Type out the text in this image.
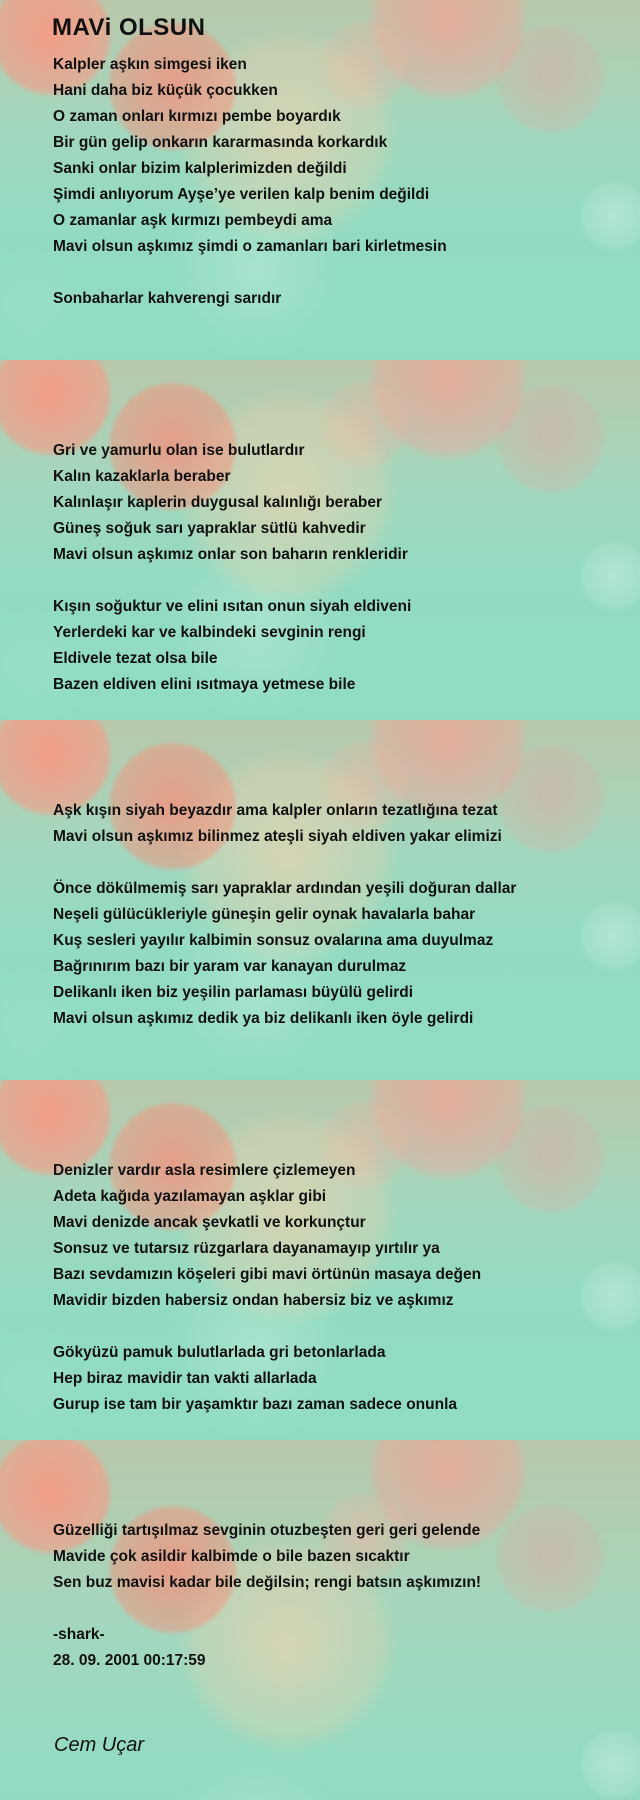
MAVi OLSUN
Kalpler aşkın simgesi iken
Hani daha biz küçük çocukken
O zaman onları kırmızı pembe boyardık
Bir gün gelip onkarın kararmasında korkardık
Sanki onlar bizim kalplerimizden değildi
Şimdi anlıyorum Ayşe’ye verilen kalp benim değildi
O zamanlar aşk kırmızı pembeydi ama
Mavi olsun aşkımız şimdi o zamanları bari kirletmesin
Sonbaharlar kahverengi sarıdır
Gri ve yamurlu olan ise bulutlardır
Kalın kazaklarla beraber
Kalınlaşır kaplerin duygusal kalınlığı beraber
Güneş soğuk sarı yapraklar sütlü kahvedir
Mavi olsun aşkımız onlar son baharın renkleridir
Kışın soğuktur ve elini ısıtan onun siyah eldiveni
Yerlerdeki kar ve kalbindeki sevginin rengi
Eldivele tezat olsa bile
Bazen eldiven elini ısıtmaya yetmese bile
Aşk kışın siyah beyazdır ama kalpler onların tezatlığına tezat
Mavi olsun aşkımız bilinmez ateşli siyah eldiven yakar elimizi
Önce dökülmemiş sarı yapraklar ardından yeşili doğuran dallar
Neşeli gülücükleriyle güneşin gelir oynak havalarla bahar
Kuş sesleri yayılır kalbimin sonsuz ovalarına ama duyulmaz
Bağrınırım bazı bir yaram var kanayan durulmaz
Delikanlı iken biz yeşilin parlaması büyülü gelirdi
Mavi olsun aşkımız dedik ya biz delikanlı iken öyle gelirdi
Denizler vardır asla resimlere çizlemeyen
Adeta kağıda yazılamayan aşklar gibi
Mavi denizde ancak şevkatli ve korkunçtur
Sonsuz ve tutarsız rüzgarlara dayanamayıp yırtılır ya
Bazı sevdamızın köşeleri gibi mavi örtünün masaya değen
Mavidir bizden habersiz ondan habersiz biz ve aşkımız
Gökyüzü pamuk bulutlarlada gri betonlarlada
Hep biraz mavidir tan vakti allarlada
Gurup ise tam bir yaşamktır bazı zaman sadece onunla
Güzelliği tartışılmaz sevginin otuzbeşten geri geri gelende
Mavide çok asildir kalbimde o bile bazen sıcaktır
Sen buz mavisi kadar bile değilsin; rengi batsın aşkımızın!
-shark-
28. 09. 2001 00:17:59
Cem Uçar
